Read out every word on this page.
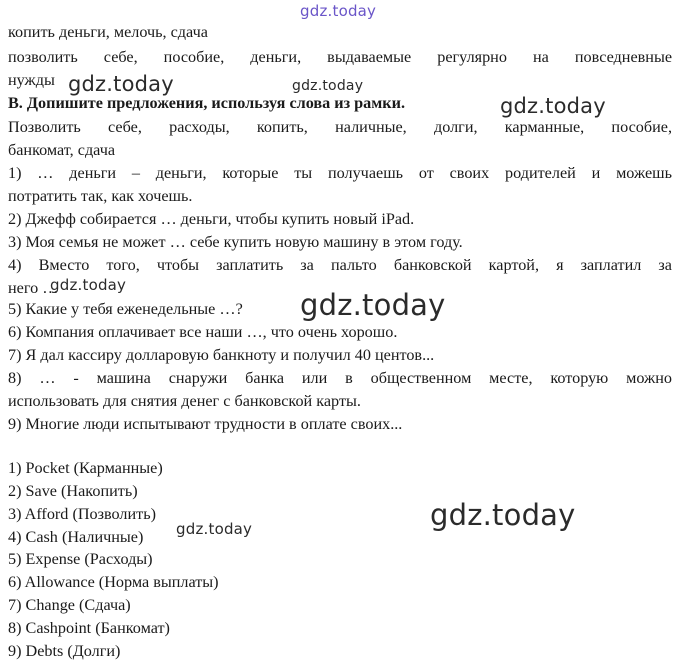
копить деньги, мелочь, сдача
позволить себе, пособие, деньги, выдаваемые регулярно на повседневные
нужды
B. Допишите предложения, используя слова из рамки.
Позволить себе, расходы, копить, наличные, долги, карманные, пособие,
банкомат, сдача
1) … деньги – деньги, которые ты получаешь от своих родителей и можешь
потратить так, как хочешь.
2) Джефф собирается … деньги, чтобы купить новый iPad.
3) Моя семья не может … себе купить новую машину в этом году.
4) Вместо того, чтобы заплатить за пальто банковской картой, я заплатил за
него …
5) Какие у тебя еженедельные …?
6) Компания оплачивает все наши …, что очень хорошо.
7) Я дал кассиру долларовую банкноту и получил 40 центов...
8) … - машина снаружи банка или в общественном месте, которую можно
использовать для снятия денег с банковской карты.
9) Многие люди испытывают трудности в оплате своих...
1) Pocket (Карманные)
2) Save (Накопить)
3) Afford (Позволить)
4) Cash (Наличные)
5) Expense (Расходы)
6) Allowance (Норма выплаты)
7) Change (Сдача)
8) Cashpoint (Банкомат)
9) Debts (Долги)
gdz.today
gdz.today	gdz.today
gdz.today
gdz.today
gdz.today
gdz.today
gdz.today
